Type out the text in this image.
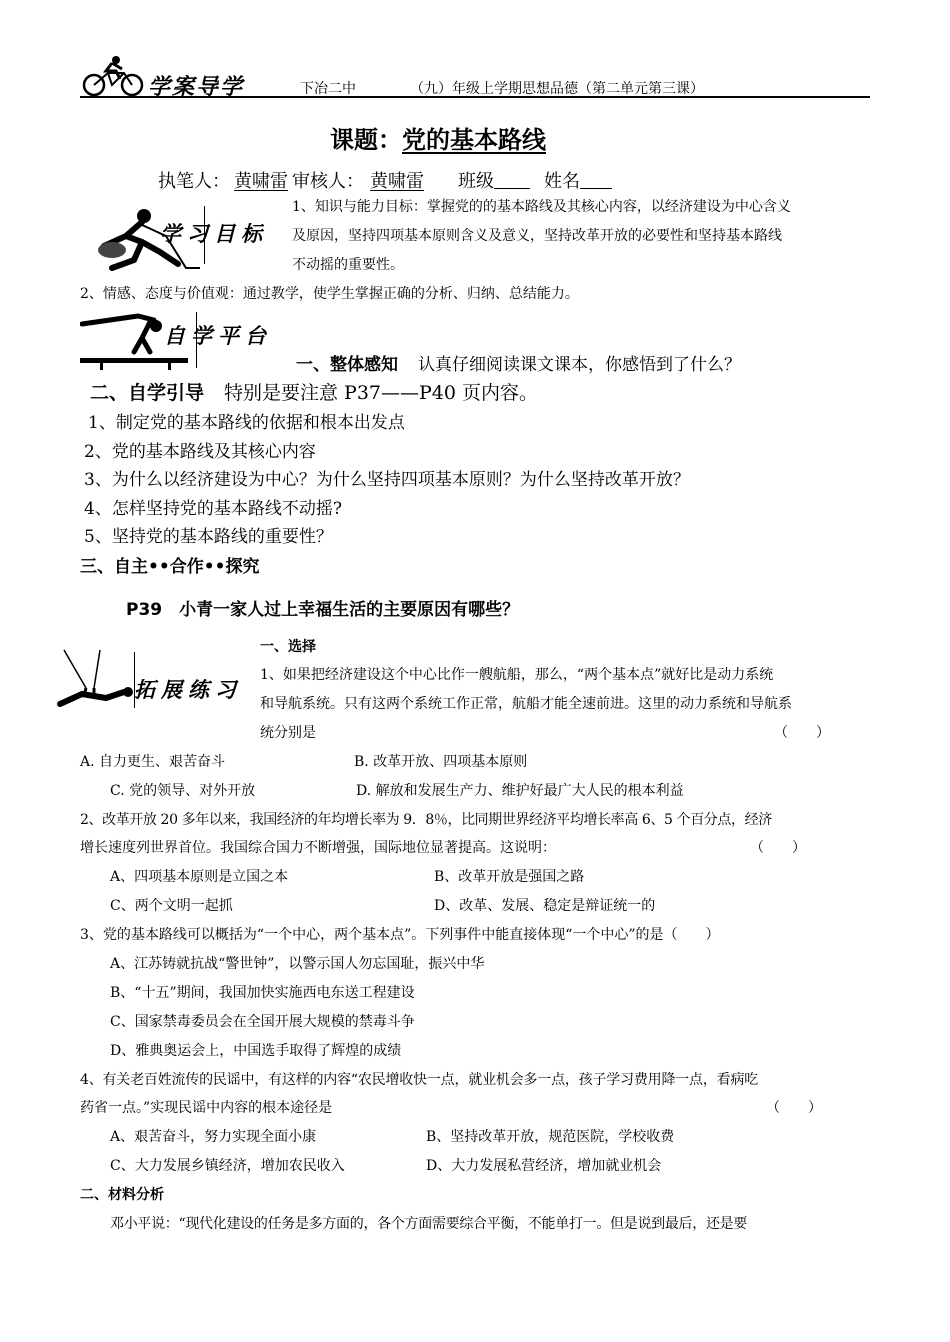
学案导学	下冶二中	（九）年级上学期思想品德（第二单元第三课）
课题：党的基本路线
执笔人： 黄啸雷 审核人： 黄啸雷 班级	姓名
学习目标
1、知识与能力目标：掌握党的的基本路线及其核心内容，以经济建设为中心含义
及原因，坚持四项基本原则含义及意义，坚持改革开放的必要性和坚持基本路线
不动摇的重要性。
2、情感、态度与价值观：通过教学，使学生掌握正确的分析、归纳、总结能力。
自学平台
一、整体感知 认真仔细阅读课文课本，你感悟到了什么？
二、自学引导 特别是要注意 P37——P40 页内容。
1、制定党的基本路线的依据和根本出发点
2、党的基本路线及其核心内容
3、为什么以经济建设为中心？为什么坚持四项基本原则？为什么坚持改革开放？
4、怎样坚持党的基本路线不动摇?
5、坚持党的基本路线的重要性？
三、自主••合作••探究
P39　小青一家人过上幸福生活的主要原因有哪些？
拓展练习
一、选择
1、如果把经济建设这个中心比作一艘航船，那么，“两个基本点”就好比是动力系统
和导航系统。只有这两个系统工作正常，航船才能全速前进。这里的动力系统和导航系
统分别是	（　　）
A. 自力更生、艰苦奋斗	B. 改革开放、四项基本原则
C. 党的领导、对外开放	D. 解放和发展生产力、维护好最广大人民的根本利益
2、改革开放 20 多年以来，我国经济的年均增长率为 9．8％，比同期世界经济平均增长率高 6、5 个百分点，经济
增长速度列世界首位。我国综合国力不断增强，国际地位显著提高。这说明：	（　　）
A、四项基本原则是立国之本	B、改革开放是强国之路
C、两个文明一起抓	D、改革、发展、稳定是辩证统一的
3、党的基本路线可以概括为“一个中心，两个基本点”。下列事件中能直接体现“一个中心”的是（　　）
A、江苏铸就抗战“警世钟”，以警示国人勿忘国耻，振兴中华
B、“十五”期间，我国加快实施西电东送工程建设
C、国家禁毒委员会在全国开展大规模的禁毒斗争
D、雅典奥运会上，中国选手取得了辉煌的成绩
4、有关老百姓流传的民谣中，有这样的内容“农民增收快一点，就业机会多一点，孩子学习费用降一点，看病吃
药省一点。”实现民谣中内容的根本途径是	（　　）
A、艰苦奋斗，努力实现全面小康	B、坚持改革开放，规范医院，学校收费
C、大力发展乡镇经济，增加农民收入	D、大力发展私营经济，增加就业机会
二、材料分析
邓小平说：“现代化建设的任务是多方面的，各个方面需要综合平衡，不能单打一。但是说到最后，还是要
